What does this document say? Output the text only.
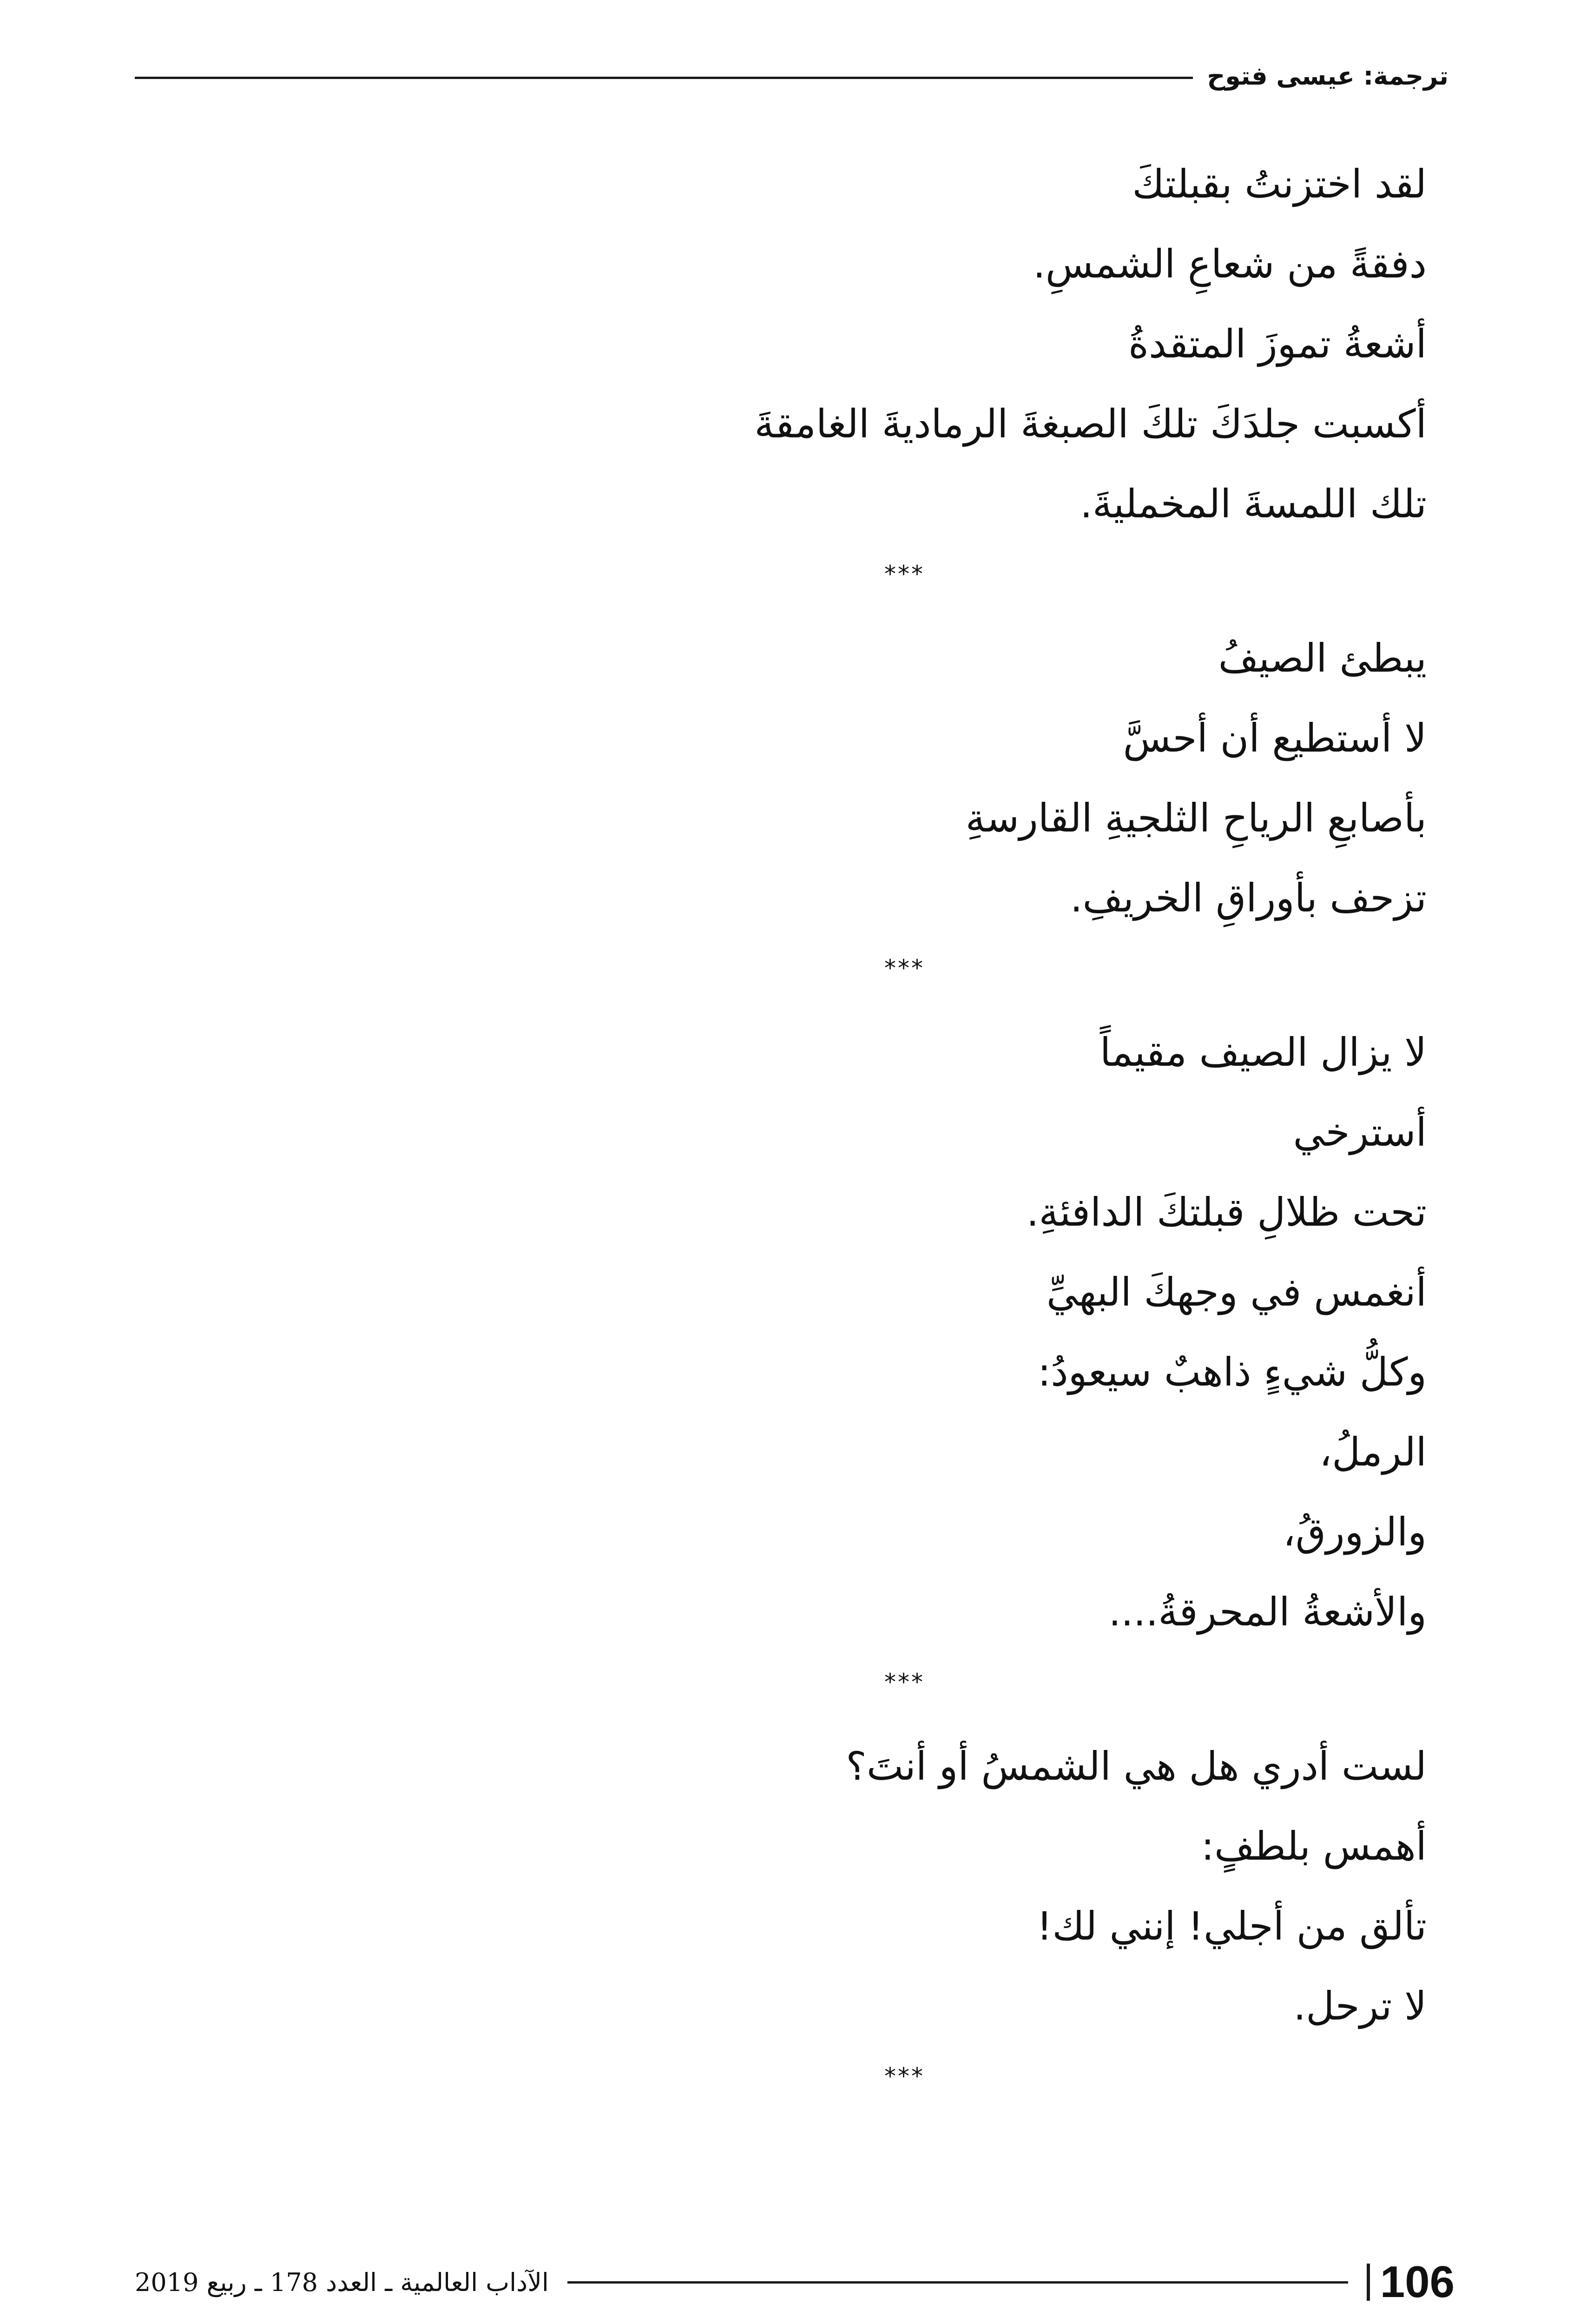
ترجمة: عيسى فتوح
لقد اختزنتُ بقبلتكَ
دفقةً من شعاعِ الشمسِ.
أشعةُ تموزَ المتقدةُ
أكسبت جلدَكَ تلكَ الصبغةَ الرماديةَ الغامقةَ
تلك اللمسةَ المخمليةَ.
***
يبطئ الصيفُ
لا أستطيع أن أحسَّ
بأصابعِ الرياحِ الثلجيةِ القارسةِ
تزحف بأوراقِ الخريفِ.
***
لا يزال الصيف مقيماً
أسترخي
تحت ظلالِ قبلتكَ الدافئةِ.
أنغمس في وجهكَ البهيِّ
وكلُّ شيءٍ ذاهبٌ سيعودُ:
الرملُ،
والزورقُ،
والأشعةُ المحرقةُ....
***
لست أدري هل هي الشمسُ أو أنتَ؟
أهمس بلطفٍ:
تألق من أجلي! إنني لك!
لا ترحل.
***
الآداب العالمية ـ العدد 178 ـ ربيع 2019	106
